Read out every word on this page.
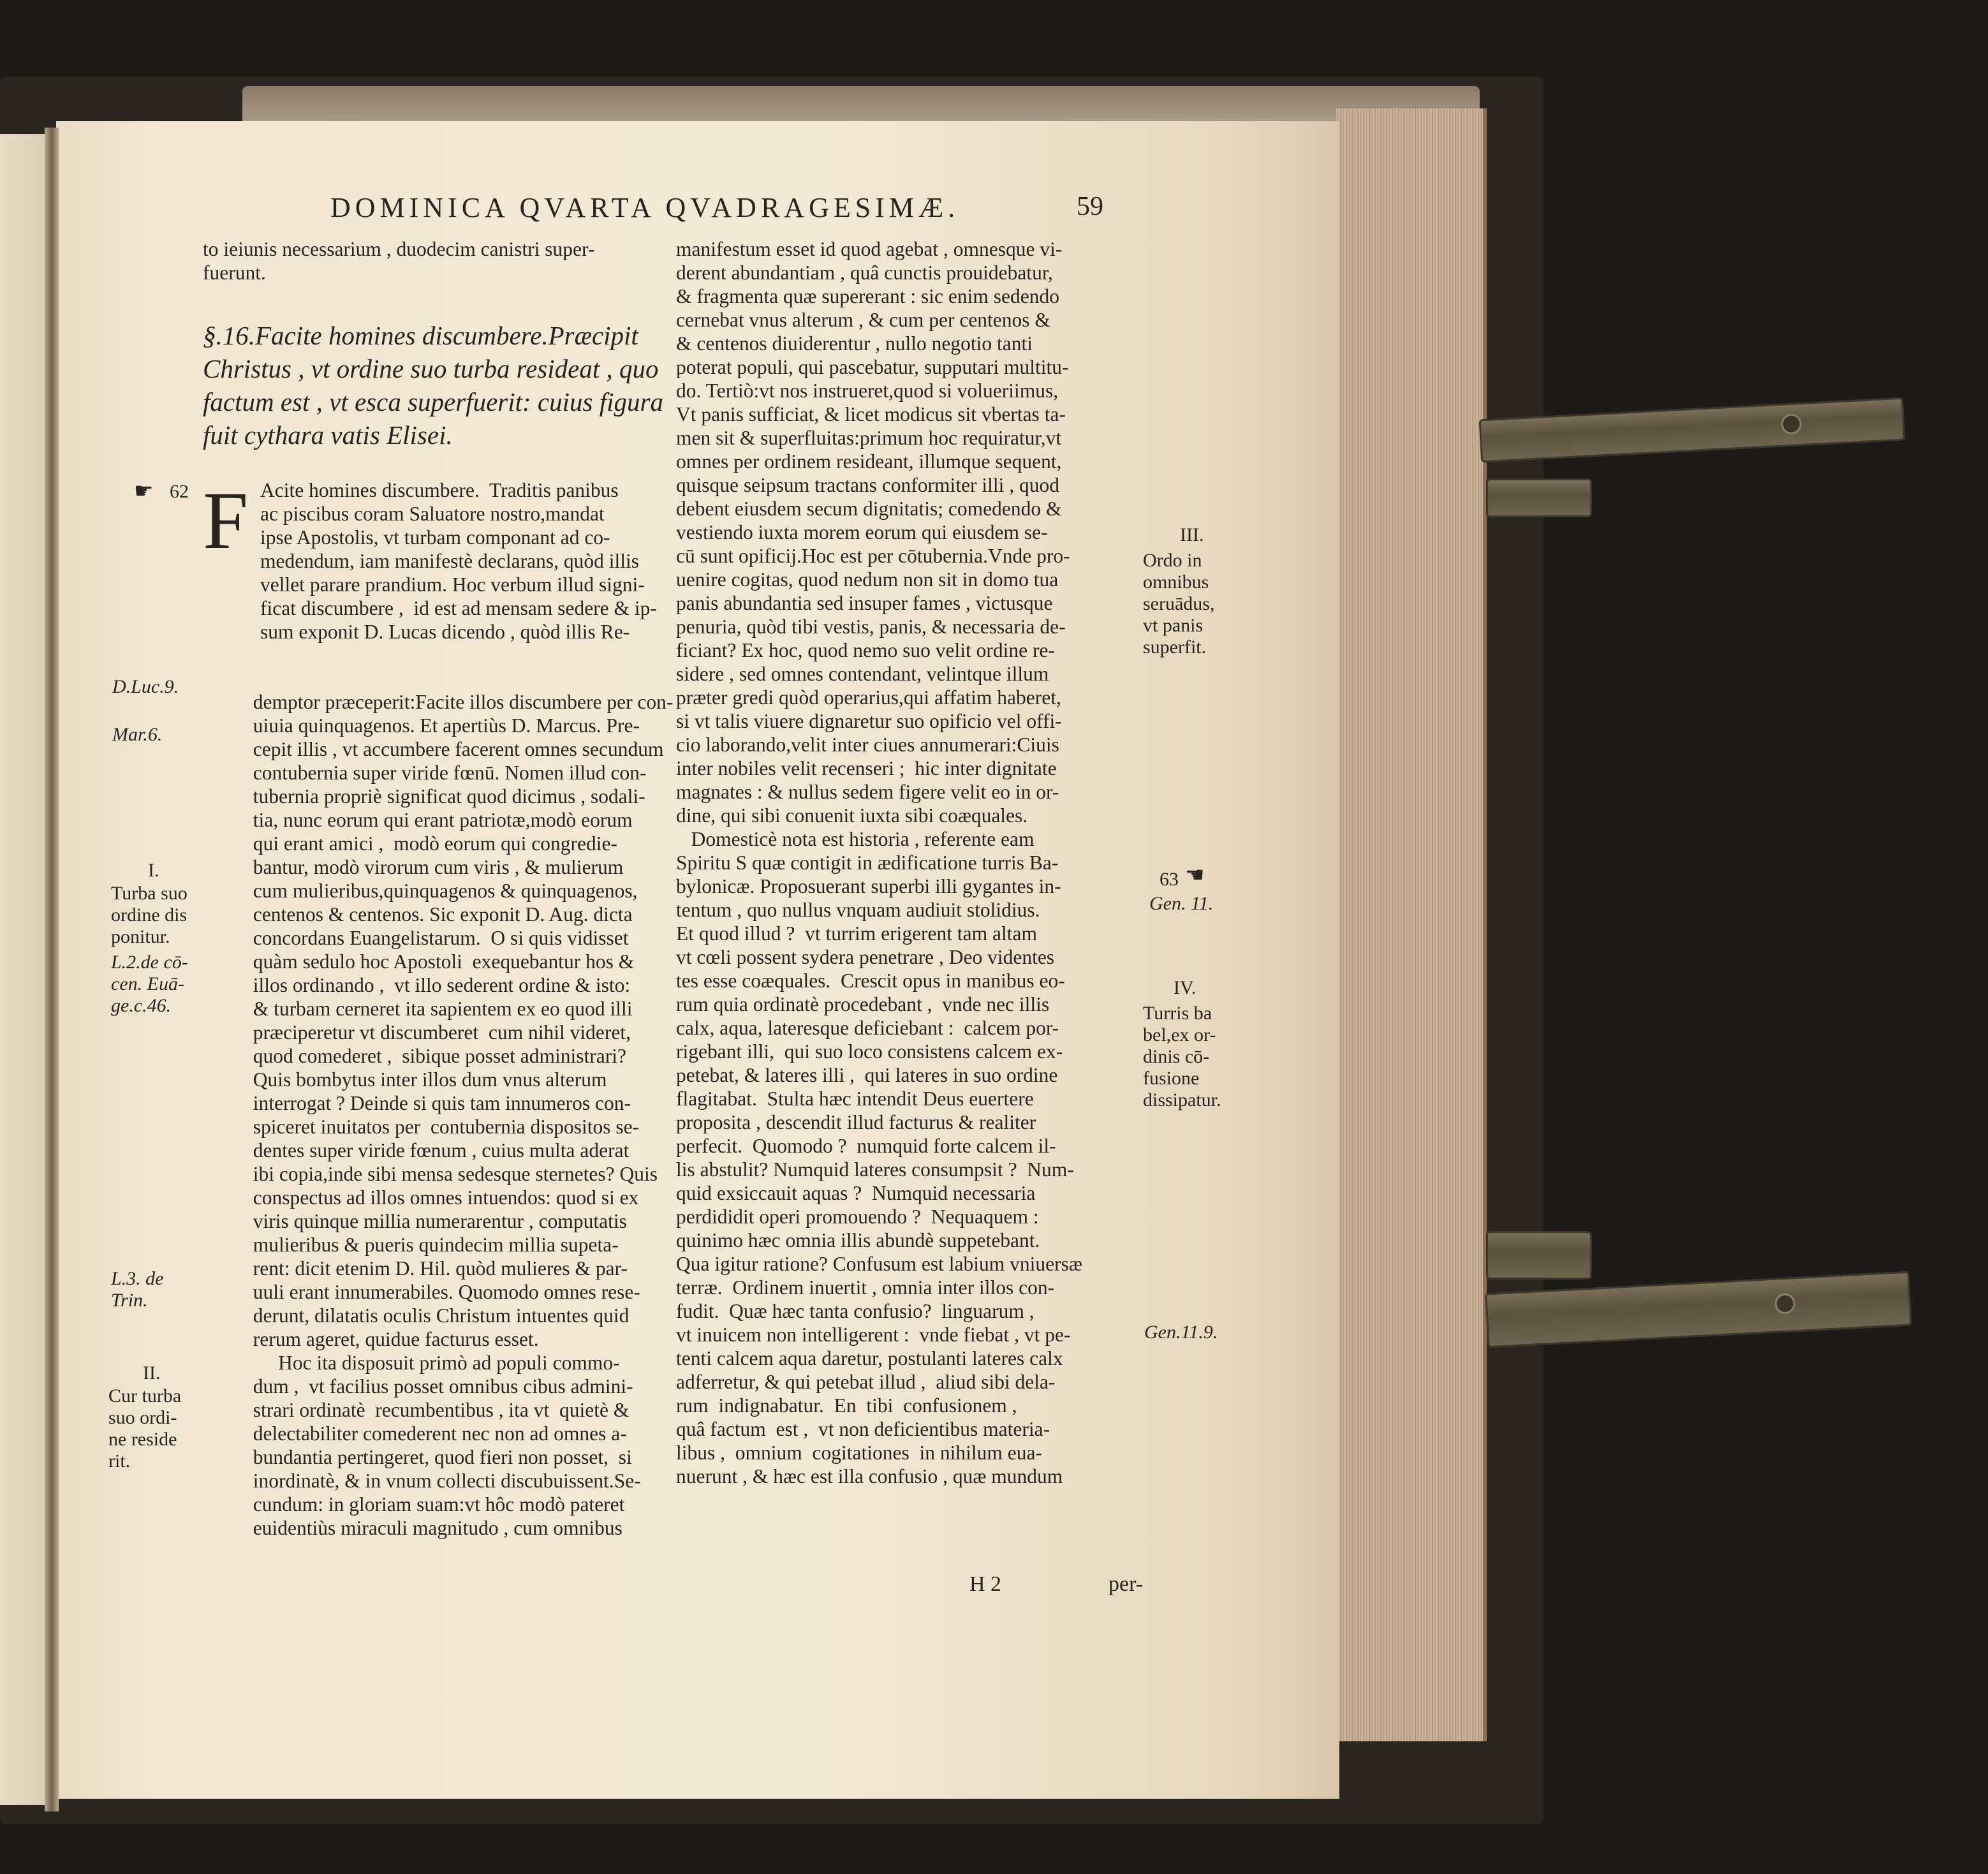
DOMINICA QVARTA QVADRAGESIMÆ.	59
to ieiunis necessarium , duodecim canistri super-
fuerunt.
§.16.Facite homines discumbere.Præcipit
Christus , vt ordine suo turba resideat , quo
factum est , vt esca superfuerit: cuius figura
fuit cythara vatis Elisei.
F Acite homines discumbere.  Traditis panibus
ac piscibus coram Saluatore nostro,mandat
ipse Apostolis, vt turbam componant ad co-
medendum, iam manifestè declarans, quòd illis
vellet parare prandium. Hoc verbum illud signi-
ficat discumbere ,  id est ad mensam sedere & ip-
sum exponit D. Lucas dicendo , quòd illis Re-
demptor præceperit:Facite illos discumbere per con-
uiuia quinquagenos. Et apertiùs D. Marcus. Pre-
cepit illis , vt accumbere facerent omnes secundum
contubernia super viride fœnū. Nomen illud con-
tubernia propriè significat quod dicimus , sodali-
tia, nunc eorum qui erant patriotæ,modò eorum
qui erant amici ,  modò eorum qui congredie-
bantur, modò virorum cum viris , & mulierum
cum mulieribus,quinquagenos & quinquagenos,
centenos & centenos. Sic exponit D. Aug. dicta
concordans Euangelistarum.  O si quis vidisset
quàm sedulo hoc Apostoli  exequebantur hos &
illos ordinando ,  vt illo sederent ordine & isto:
& turbam cerneret ita sapientem ex eo quod illi
præciperetur vt discumberet  cum nihil videret,
quod comederet ,  sibique posset administrari?
Quis bombytus inter illos dum vnus alterum
interrogat ? Deinde si quis tam innumeros con-
spiceret inuitatos per  contubernia dispositos se-
dentes super viride fœnum , cuius multa aderat
ibi copia,inde sibi mensa sedesque sternetes? Quis
conspectus ad illos omnes intuendos: quod si ex
viris quinque millia numerarentur , computatis
mulieribus & pueris quindecim millia supeta-
rent: dicit etenim D. Hil. quòd mulieres & par-
uuli erant innumerabiles. Quomodo omnes rese-
derunt, dilatatis oculis Christum intuentes quid
rerum ageret, quidue facturus esset.
Hoc ita disposuit primò ad populi commo-
dum ,  vt facilius posset omnibus cibus admini-
strari ordinatè  recumbentibus , ita vt  quietè &
delectabiliter comederent nec non ad omnes a-
bundantia pertingeret, quod fieri non posset,  si
inordinatè, & in vnum collecti discubuissent.Se-
cundum: in gloriam suam:vt hôc modò pateret
euidentiùs miraculi magnitudo , cum omnibus
manifestum esset id quod agebat , omnesque vi-
derent abundantiam , quâ cunctis prouidebatur,
& fragmenta quæ supererant : sic enim sedendo
cernebat vnus alterum , & cum per centenos &
& centenos diuiderentur , nullo negotio tanti
poterat populi, qui pascebatur, supputari multitu-
do. Tertiò:vt nos instrueret,quod si volueriimus,
Vt panis sufficiat, & licet modicus sit vbertas ta-
men sit & superfluitas:primum hoc requiratur,vt
omnes per ordinem resideant, illumque sequent,
quisque seipsum tractans conformiter illi , quod
debent eiusdem secum dignitatis; comedendo &
vestiendo iuxta morem eorum qui eiusdem se-
cū sunt opificij.Hoc est per cōtubernia.Vnde pro-
uenire cogitas, quod nedum non sit in domo tua
panis abundantia sed insuper fames , victusque
penuria, quòd tibi vestis, panis, & necessaria de-
ficiant? Ex hoc, quod nemo suo velit ordine re-
sidere , sed omnes contendant, velintque illum
præter gredi quòd operarius,qui affatim haberet,
si vt talis viuere dignaretur suo opificio vel offi-
cio laborando,velit inter ciues annumerari:Ciuis
inter nobiles velit recenseri ;  hic inter dignitate
magnates : & nullus sedem figere velit eo in or-
dine, qui sibi conuenit iuxta sibi coæquales.
Domesticè nota est historia , referente eam
Spiritu S quæ contigit in ædificatione turris Ba-
bylonicæ. Proposuerant superbi illi gygantes in-
tentum , quo nullus vnquam audiuit stolidius.
Et quod illud ?  vt turrim erigerent tam altam
vt cœli possent sydera penetrare , Deo videntes
tes esse coæquales.  Crescit opus in manibus eo-
rum quia ordinatè procedebant ,  vnde nec illis
calx, aqua, lateresque deficiebant :  calcem por-
rigebant illi,  qui suo loco consistens calcem ex-
petebat, & lateres illi ,  qui lateres in suo ordine
flagitabat.  Stulta hæc intendit Deus euertere
proposita , descendit illud facturus & realiter
perfecit.  Quomodo ?  numquid forte calcem il-
lis abstulit? Numquid lateres consumpsit ?  Num-
quid exsiccauit aquas ?  Numquid necessaria
perdididit operi promouendo ?  Nequaquem :
quinimo hæc omnia illis abundè suppetebant.
Qua igitur ratione? Confusum est labium vniuersæ
terræ.  Ordinem inuertit , omnia inter illos con-
fudit.  Quæ hæc tanta confusio?  linguarum ,
vt inuicem non intelligerent :  vnde fiebat , vt pe-
tenti calcem aqua daretur, postulanti lateres calx
adferretur, & qui petebat illud ,  aliud sibi dela-
rum  indignabatur.  En  tibi  confusionem ,
quâ factum  est ,  vt non deficientibus materia-
libus ,  omnium  cogitationes  in nihilum eua-
nuerunt , & hæc est illa confusio , quæ mundum
☛ 62
D.Luc.9.
Mar.6.
I.
Turba suo
ordine dis
ponitur.
L.2.de cō-
cen. Euā-
ge.c.46.
L.3. de
Trin.
II.
Cur turba
suo ordi-
ne reside
rit.
III.
Ordo in
omnibus
seruādus,
vt panis
superfit.
63 ☚
Gen. 11.
IV.
Turris ba
bel,ex or-
dinis cō-
fusione
dissipatur.
Gen.11.9.
H 2	per-
